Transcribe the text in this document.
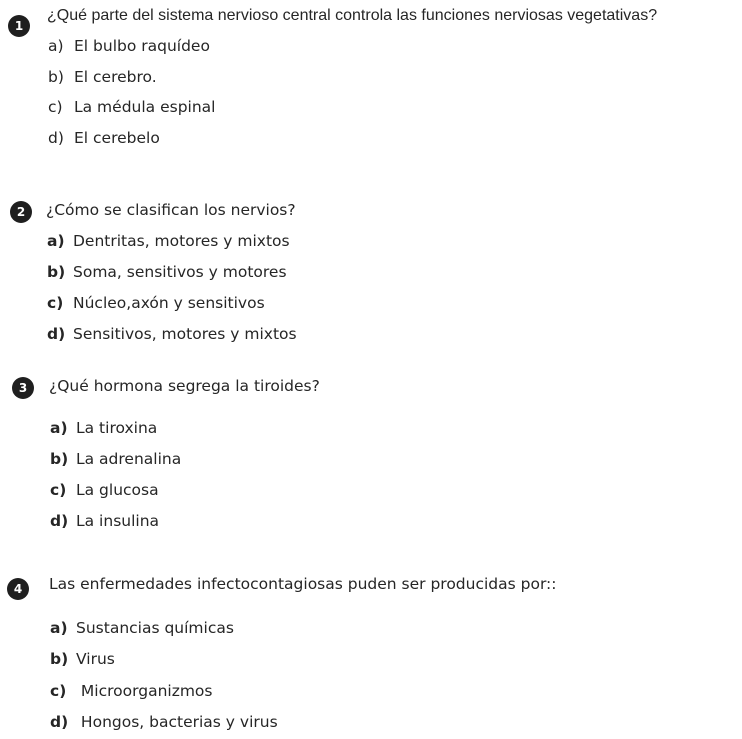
1
¿Qué parte del sistema nervioso central controla las funciones nerviosas vegetativas?
a) El bulbo raquídeo
b) El cerebro.
c) La médula espinal
d) El cerebelo
2	¿Cómo se clasifican los nervios?
a) Dentritas, motores y mixtos
b) Soma, sensitivos y motores
c) Núcleo,axón y sensitivos
d) Sensitivos, motores y mixtos
3	¿Qué hormona segrega la tiroides?
a) La tiroxina
b) La adrenalina
c) La glucosa
d) La insulina
4	Las enfermedades infectocontagiosas puden ser producidas por::
a) Sustancias químicas
b) Virus
c) Microorganizmos
d) Hongos, bacterias y virus
